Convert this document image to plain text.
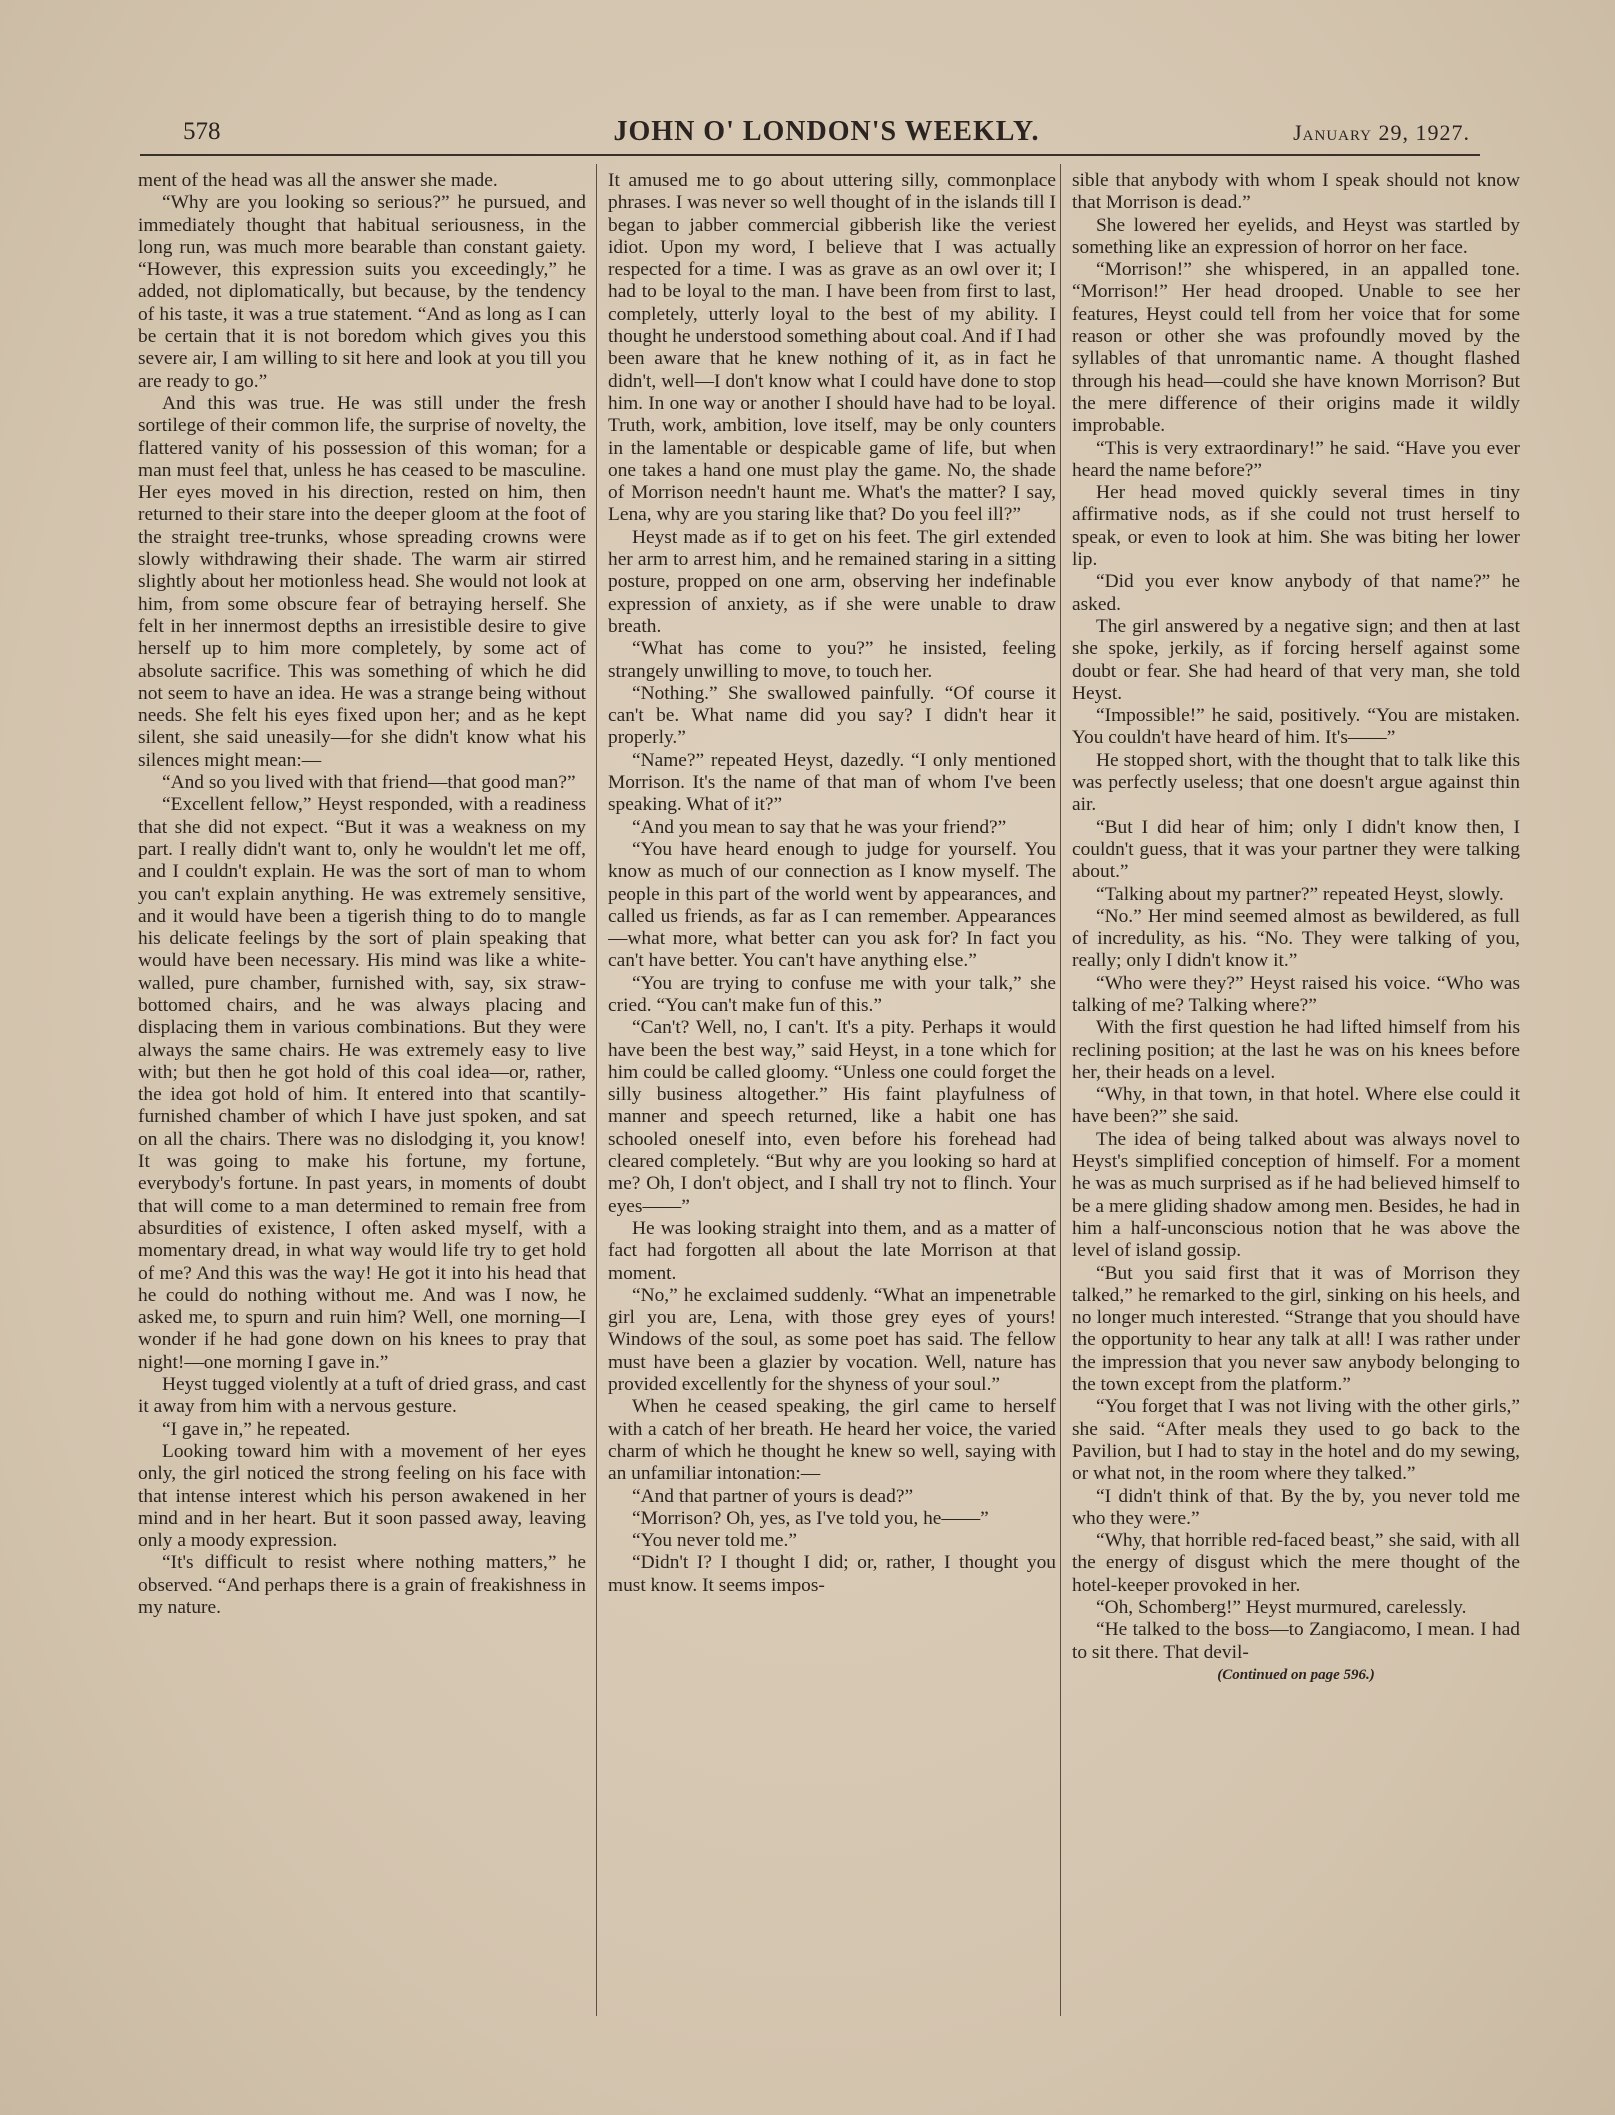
578	JOHN O' LONDON'S WEEKLY.	January 29, 1927.

ment of the head was all the answer she made.

“Why are you looking so serious?” he pursued, and immediately thought that habitual seriousness, in the long run, was much more bearable than constant gaiety. “However, this expression suits you exceedingly,” he added, not diplomatically, but because, by the tendency of his taste, it was a true statement. “And as long as I can be certain that it is not boredom which gives you this severe air, I am willing to sit here and look at you till you are ready to go.”

And this was true. He was still under the fresh sortilege of their common life, the surprise of novelty, the flattered vanity of his possession of this woman; for a man must feel that, unless he has ceased to be masculine. Her eyes moved in his direction, rested on him, then returned to their stare into the deeper gloom at the foot of the straight tree-trunks, whose spreading crowns were slowly withdrawing their shade. The warm air stirred slightly about her motionless head. She would not look at him, from some obscure fear of betraying herself. She felt in her innermost depths an irresistible desire to give herself up to him more completely, by some act of absolute sacrifice. This was something of which he did not seem to have an idea. He was a strange being without needs. She felt his eyes fixed upon her; and as he kept silent, she said uneasily—for she didn't know what his silences might mean:—

“And so you lived with that friend—that good man?”

“Excellent fellow,” Heyst responded, with a readiness that she did not expect. “But it was a weakness on my part. I really didn't want to, only he wouldn't let me off, and I couldn't explain. He was the sort of man to whom you can't explain anything. He was extremely sensitive, and it would have been a tigerish thing to do to mangle his delicate feelings by the sort of plain speaking that would have been necessary. His mind was like a white-walled, pure chamber, furnished with, say, six straw-bottomed chairs, and he was always placing and displacing them in various combinations. But they were always the same chairs. He was extremely easy to live with; but then he got hold of this coal idea—or, rather, the idea got hold of him. It entered into that scantily-furnished chamber of which I have just spoken, and sat on all the chairs. There was no dislodging it, you know! It was going to make his fortune, my fortune, everybody's fortune. In past years, in moments of doubt that will come to a man determined to remain free from absurdities of existence, I often asked myself, with a momentary dread, in what way would life try to get hold of me? And this was the way! He got it into his head that he could do nothing without me. And was I now, he asked me, to spurn and ruin him? Well, one morning—I wonder if he had gone down on his knees to pray that night!—one morning I gave in.”

Heyst tugged violently at a tuft of dried grass, and cast it away from him with a nervous gesture.

“I gave in,” he repeated.

Looking toward him with a movement of her eyes only, the girl noticed the strong feeling on his face with that intense interest which his person awakened in her mind and in her heart. But it soon passed away, leaving only a moody expression.

“It's difficult to resist where nothing matters,” he observed. “And perhaps there is a grain of freakishness in my nature.

It amused me to go about uttering silly, commonplace phrases. I was never so well thought of in the islands till I began to jabber commercial gibberish like the veriest idiot. Upon my word, I believe that I was actually respected for a time. I was as grave as an owl over it; I had to be loyal to the man. I have been from first to last, completely, utterly loyal to the best of my ability. I thought he understood something about coal. And if I had been aware that he knew nothing of it, as in fact he didn't, well—I don't know what I could have done to stop him. In one way or another I should have had to be loyal. Truth, work, ambition, love itself, may be only counters in the lamentable or despicable game of life, but when one takes a hand one must play the game. No, the shade of Morrison needn't haunt me. What's the matter? I say, Lena, why are you staring like that? Do you feel ill?”

Heyst made as if to get on his feet. The girl extended her arm to arrest him, and he remained staring in a sitting posture, propped on one arm, observing her indefinable expression of anxiety, as if she were unable to draw breath.

“What has come to you?” he insisted, feeling strangely unwilling to move, to touch her.

“Nothing.” She swallowed painfully. “Of course it can't be. What name did you say? I didn't hear it properly.”

“Name?” repeated Heyst, dazedly. “I only mentioned Morrison. It's the name of that man of whom I've been speaking. What of it?”

“And you mean to say that he was your friend?”

“You have heard enough to judge for yourself. You know as much of our connection as I know myself. The people in this part of the world went by appearances, and called us friends, as far as I can remember. Appearances—what more, what better can you ask for? In fact you can't have better. You can't have anything else.”

“You are trying to confuse me with your talk,” she cried. “You can't make fun of this.”

“Can't? Well, no, I can't. It's a pity. Perhaps it would have been the best way,” said Heyst, in a tone which for him could be called gloomy. “Unless one could forget the silly business altogether.” His faint playfulness of manner and speech returned, like a habit one has schooled oneself into, even before his forehead had cleared completely. “But why are you looking so hard at me? Oh, I don't object, and I shall try not to flinch. Your eyes——”

He was looking straight into them, and as a matter of fact had forgotten all about the late Morrison at that moment.

“No,” he exclaimed suddenly. “What an impenetrable girl you are, Lena, with those grey eyes of yours! Windows of the soul, as some poet has said. The fellow must have been a glazier by vocation. Well, nature has provided excellently for the shyness of your soul.”

When he ceased speaking, the girl came to herself with a catch of her breath. He heard her voice, the varied charm of which he thought he knew so well, saying with an unfamiliar intonation:—

“And that partner of yours is dead?”

“Morrison? Oh, yes, as I've told you, he——”

“You never told me.”

“Didn't I? I thought I did; or, rather, I thought you must know. It seems impos-

sible that anybody with whom I speak should not know that Morrison is dead.”

She lowered her eyelids, and Heyst was startled by something like an expression of horror on her face.

“Morrison!” she whispered, in an appalled tone. “Morrison!” Her head drooped. Unable to see her features, Heyst could tell from her voice that for some reason or other she was profoundly moved by the syllables of that unromantic name. A thought flashed through his head—could she have known Morrison? But the mere difference of their origins made it wildly improbable.

“This is very extraordinary!” he said. “Have you ever heard the name before?”

Her head moved quickly several times in tiny affirmative nods, as if she could not trust herself to speak, or even to look at him. She was biting her lower lip.

“Did you ever know anybody of that name?” he asked.

The girl answered by a negative sign; and then at last she spoke, jerkily, as if forcing herself against some doubt or fear. She had heard of that very man, she told Heyst.

“Impossible!” he said, positively. “You are mistaken. You couldn't have heard of him. It's——”

He stopped short, with the thought that to talk like this was perfectly useless; that one doesn't argue against thin air.

“But I did hear of him; only I didn't know then, I couldn't guess, that it was your partner they were talking about.”

“Talking about my partner?” repeated Heyst, slowly.

“No.” Her mind seemed almost as bewildered, as full of incredulity, as his. “No. They were talking of you, really; only I didn't know it.”

“Who were they?” Heyst raised his voice. “Who was talking of me? Talking where?”

With the first question he had lifted himself from his reclining position; at the last he was on his knees before her, their heads on a level.

“Why, in that town, in that hotel. Where else could it have been?” she said.

The idea of being talked about was always novel to Heyst's simplified conception of himself. For a moment he was as much surprised as if he had believed himself to be a mere gliding shadow among men. Besides, he had in him a half-unconscious notion that he was above the level of island gossip.

“But you said first that it was of Morrison they talked,” he remarked to the girl, sinking on his heels, and no longer much interested. “Strange that you should have the opportunity to hear any talk at all! I was rather under the impression that you never saw anybody belonging to the town except from the platform.”

“You forget that I was not living with the other girls,” she said. “After meals they used to go back to the Pavilion, but I had to stay in the hotel and do my sewing, or what not, in the room where they talked.”

“I didn't think of that. By the by, you never told me who they were.”

“Why, that horrible red-faced beast,” she said, with all the energy of disgust which the mere thought of the hotel-keeper provoked in her.

“Oh, Schomberg!” Heyst murmured, carelessly.

“He talked to the boss—to Zangiacomo, I mean. I had to sit there. That devil-

(Continued on page 596.)
